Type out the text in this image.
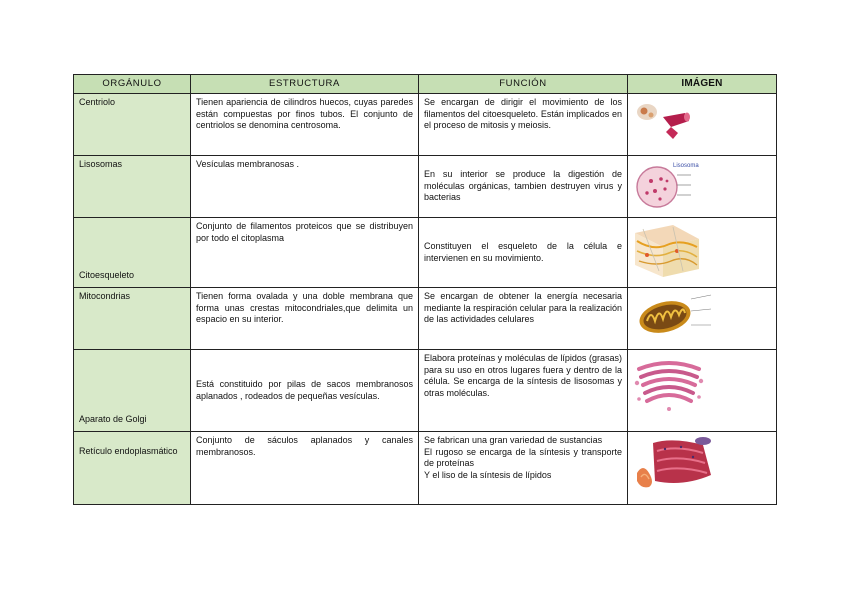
ORGÁNULO	ESTRUCTURA	FUNCIÓN	IMÁGEN
Centriolo	Tienen apariencia de cilindros huecos, cuyas paredes están compuestas por finos tubos. El conjunto de centriolos se denomina centrosoma.	Se encargan de dirigir el movimiento de los filamentos del citoesqueleto. Están implicados en el proceso de mitosis y meiosis.	

Lisosomas	Vesículas membranosas .	En su interior se produce la digestión de moléculas orgánicas, tambien destruyen virus y bacterias	Lisosoma

Citoesqueleto	Conjunto de filamentos proteicos que se distribuyen por todo el citoplasma	Constituyen el esqueleto de la célula e intervienen en su movimiento.	

Mitocondrias	Tienen forma ovalada y una doble membrana que forma unas crestas mitocondriales,que delimita un espacio en su interior.	Se encargan de obtener la energía necesaria mediante la respiración celular para la realización de las actividades celulares	

Aparato de Golgi	Está constituido por pilas de sacos membranosos aplanados , rodeados de pequeñas vesículas.	Elabora proteínas y moléculas de lípidos (grasas) para su uso en otros lugares fuera y dentro de la célula. Se encarga de la síntesis de lisosomas y otras moléculas.	

Retículo endoplasmático	Conjunto de sáculos aplanados y canales membranosos.	Se fabrican una gran variedad de sustancias
El rugoso se encarga de la síntesis y transporte de proteínas
Y el liso de la síntesis de lípidos
